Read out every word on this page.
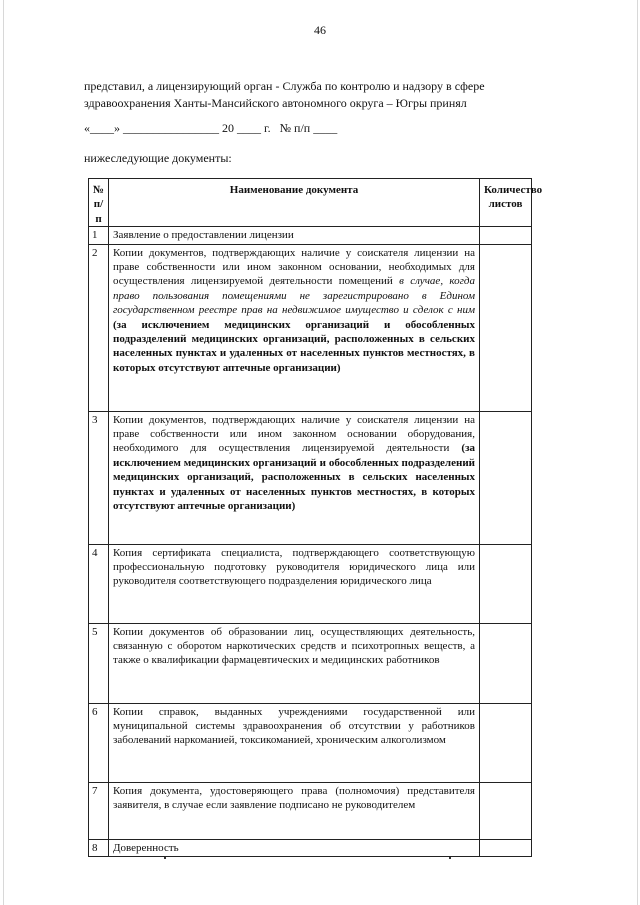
46
представил, а лицензирующий орган - Служба по контролю и надзору в сфере
здравоохранения Ханты-Мансийского автономного округа – Югры принял
«____» ________________ 20 ____ г.   № п/п ____
нижеследующие документы:
№ п/п	Наименование документа	Количество листов
1	Заявление о предоставлении лицензии	
2	Копии документов, подтверждающих наличие у соискателя лицензии на праве собственности или ином законном основании, необходимых для осуществления лицензируемой деятельности помещений в случае, когда право пользования помещениями не зарегистрировано в Едином государственном реестре прав на недвижимое имущество и сделок с ним (за исключением медицинских организаций и обособленных подразделений медицинских организаций, расположенных в сельских населенных пунктах и удаленных от населенных пунктов местностях, в которых отсутствуют аптечные организации)	
3	Копии документов, подтверждающих наличие у соискателя лицензии на праве собственности или ином законном основании оборудования, необходимого для осуществления лицензируемой деятельности (за исключением медицинских организаций и обособленных подразделений медицинских организаций, расположенных в сельских населенных пунктах и удаленных от населенных пунктов местностях, в которых отсутствуют аптечные организации)	
4	Копия сертификата специалиста, подтверждающего соответствующую профессиональную подготовку руководителя юридического лица или руководителя соответствующего подразделения юридического лица	
5	Копии документов об образовании лиц, осуществляющих деятельность, связанную с оборотом наркотических средств и психотропных веществ, а также о квалификации фармацевтических и медицинских работников	
6	Копии справок, выданных учреждениями государственной или муниципальной системы здравоохранения об отсутствии у работников заболеваний наркоманией, токсикоманией, хроническим алкоголизмом	
7	Копия документа, удостоверяющего права (полномочия) представителя заявителя, в случае если заявление подписано не руководителем	
8	Доверенность	
